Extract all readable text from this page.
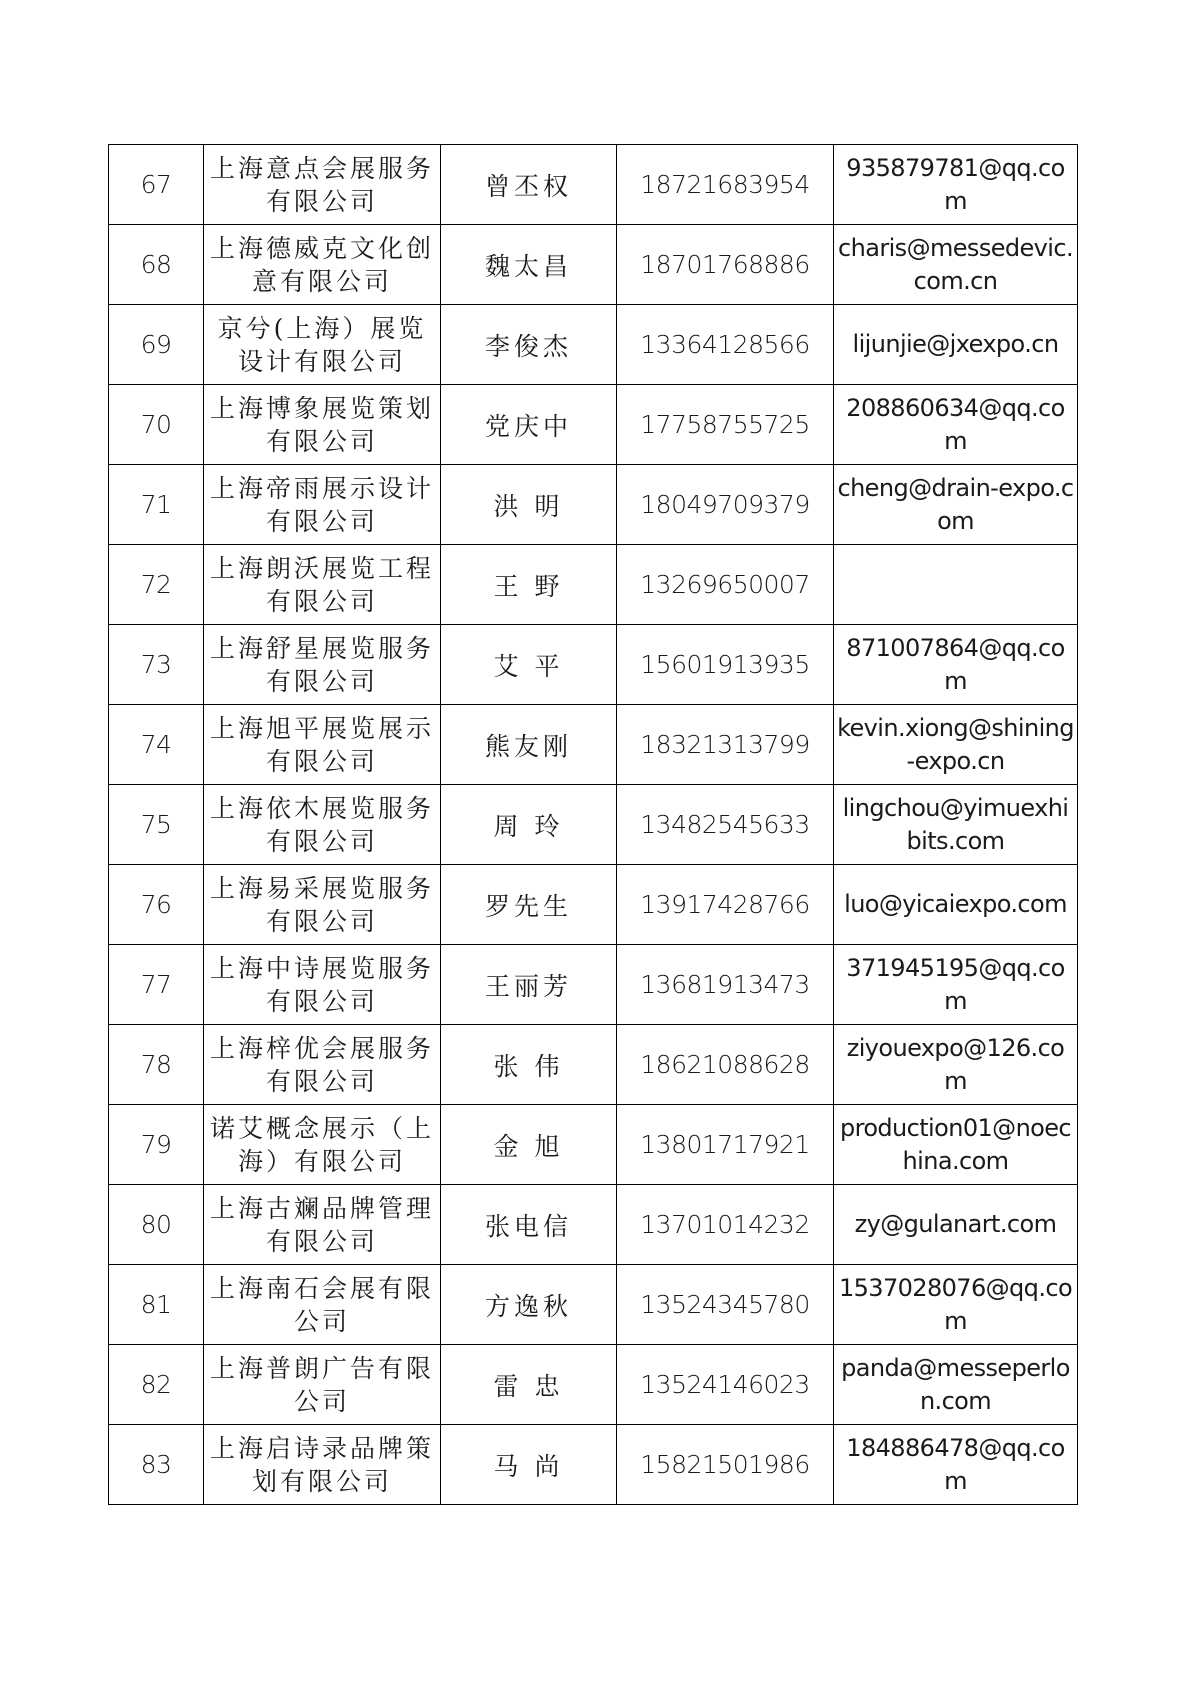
67	上海意点会展服务有限公司	曾丕权	18721683954	935879781@qq.com
68	上海德威克文化创意有限公司	魏太昌	18701768886	charis@messedevic.com.cn
69	京兮(上海）展览设计有限公司	李俊杰	13364128566	lijunjie@jxexpo.cn
70	上海博象展览策划有限公司	党庆中	17758755725	208860634@qq.com
71	上海帝雨展示设计有限公司	洪 明	18049709379	cheng@drain-expo.com
72	上海朗沃展览工程有限公司	王 野	13269650007	
73	上海舒星展览服务有限公司	艾 平	15601913935	871007864@qq.com
74	上海旭平展览展示有限公司	熊友刚	18321313799	kevin.xiong@shining-expo.cn
75	上海依木展览服务有限公司	周 玲	13482545633	lingchou@yimuexhibits.com
76	上海易采展览服务有限公司	罗先生	13917428766	luo@yicaiexpo.com
77	上海中诗展览服务有限公司	王丽芳	13681913473	371945195@qq.com
78	上海梓优会展服务有限公司	张 伟	18621088628	ziyouexpo@126.com
79	诺艾概念展示（上海）有限公司	金 旭	13801717921	production01@noechina.com
80	上海古斓品牌管理有限公司	张电信	13701014232	zy@gulanart.com
81	上海南石会展有限公司	方逸秋	13524345780	1537028076@qq.com
82	上海普朗广告有限公司	雷 忠	13524146023	panda@messeperlon.com
83	上海启诗录品牌策划有限公司	马 尚	15821501986	184886478@qq.com
